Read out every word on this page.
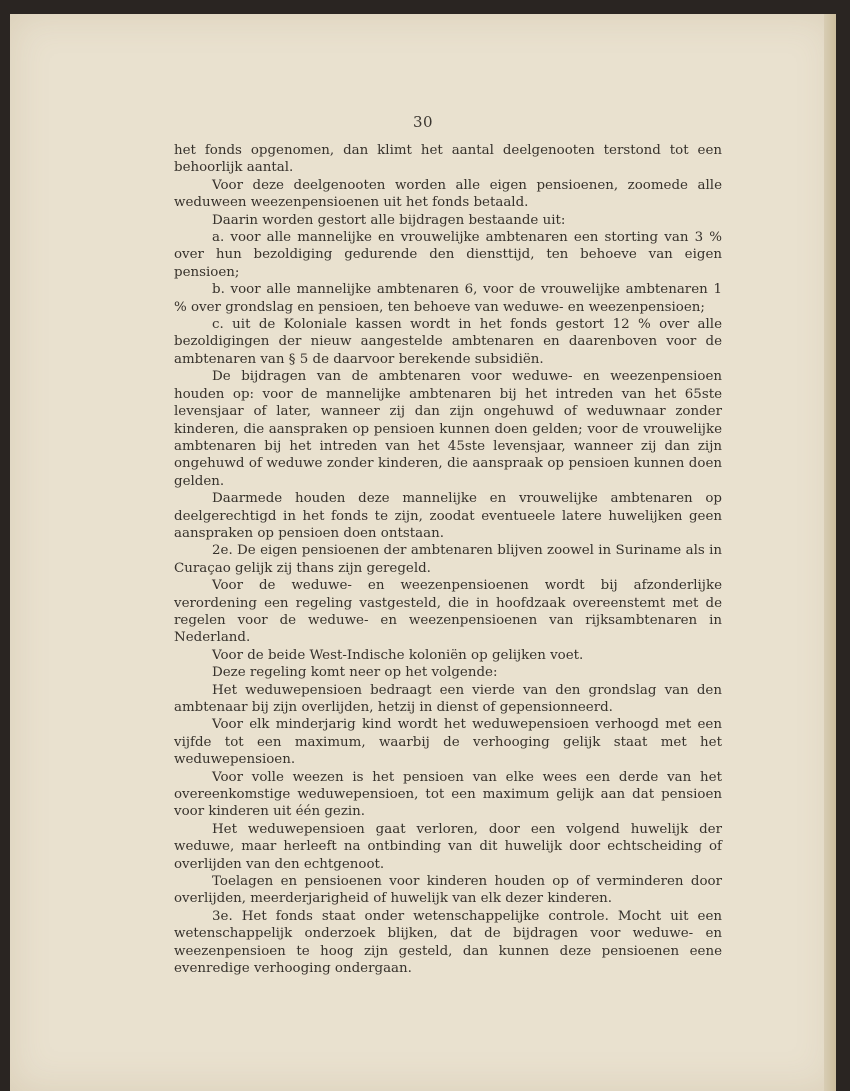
30

het fonds opgenomen, dan klimt het aantal deelgenooten terstond tot een behoorlijk aantal.

Voor deze deelgenooten worden alle eigen pensioenen, zoomede alle weduween weezenpensioenen uit het fonds betaald.

Daarin worden gestort alle bijdragen bestaande uit:

a. voor alle mannelijke en vrouwelijke ambtenaren een storting van 3 % over hun bezoldiging gedurende den diensttijd, ten behoeve van eigen pensioen;

b. voor alle mannelijke ambtenaren 6, voor de vrouwelijke ambtenaren 1 % over grondslag en pensioen, ten behoeve van weduwe- en weezenpensioen;

c. uit de Koloniale kassen wordt in het fonds gestort 12 % over alle bezoldigingen der nieuw aangestelde ambtenaren en daarenboven voor de ambtenaren van § 5 de daarvoor berekende subsidiën.

De bijdragen van de ambtenaren voor weduwe- en weezenpensioen houden op: voor de mannelijke ambtenaren bij het intreden van het 65ste levensjaar of later, wanneer zij dan zijn ongehuwd of weduwnaar zonder kinderen, die aanspraken op pensioen kunnen doen gelden; voor de vrouwelijke ambtenaren bij het intreden van het 45ste levensjaar, wanneer zij dan zijn ongehuwd of weduwe zonder kinderen, die aanspraak op pensioen kunnen doen gelden.

Daarmede houden deze mannelijke en vrouwelijke ambtenaren op deelgerechtigd in het fonds te zijn, zoodat eventueele latere huwelijken geen aanspraken op pensioen doen ontstaan.

2e. De eigen pensioenen der ambtenaren blijven zoowel in Suriname als in Curaçao gelijk zij thans zijn geregeld.

Voor de weduwe- en weezenpensioenen wordt bij afzonderlijke verordening een regeling vastgesteld, die in hoofdzaak overeenstemt met de regelen voor de weduwe- en weezenpensioenen van rijksambtenaren in Nederland.

Voor de beide West-Indische koloniën op gelijken voet.

Deze regeling komt neer op het volgende:

Het weduwepensioen bedraagt een vierde van den grondslag van den ambtenaar bij zijn overlijden, hetzij in dienst of gepensionneerd.

Voor elk minderjarig kind wordt het weduwepensioen verhoogd met een vijfde tot een maximum, waarbij de verhooging gelijk staat met het weduwepensioen.

Voor volle weezen is het pensioen van elke wees een derde van het overeenkomstige weduwepensioen, tot een maximum gelijk aan dat pensioen voor kinderen uit één gezin.

Het weduwepensioen gaat verloren, door een volgend huwelijk der weduwe, maar herleeft na ontbinding van dit huwelijk door echtscheiding of overlijden van den echtgenoot.

Toelagen en pensioenen voor kinderen houden op of verminderen door overlijden, meerderjarigheid of huwelijk van elk dezer kinderen.

3e. Het fonds staat onder wetenschappelijke controle. Mocht uit een wetenschappelijk onderzoek blijken, dat de bijdragen voor weduwe- en weezenpensioen te hoog zijn gesteld, dan kunnen deze pensioenen eene evenredige verhooging ondergaan.
